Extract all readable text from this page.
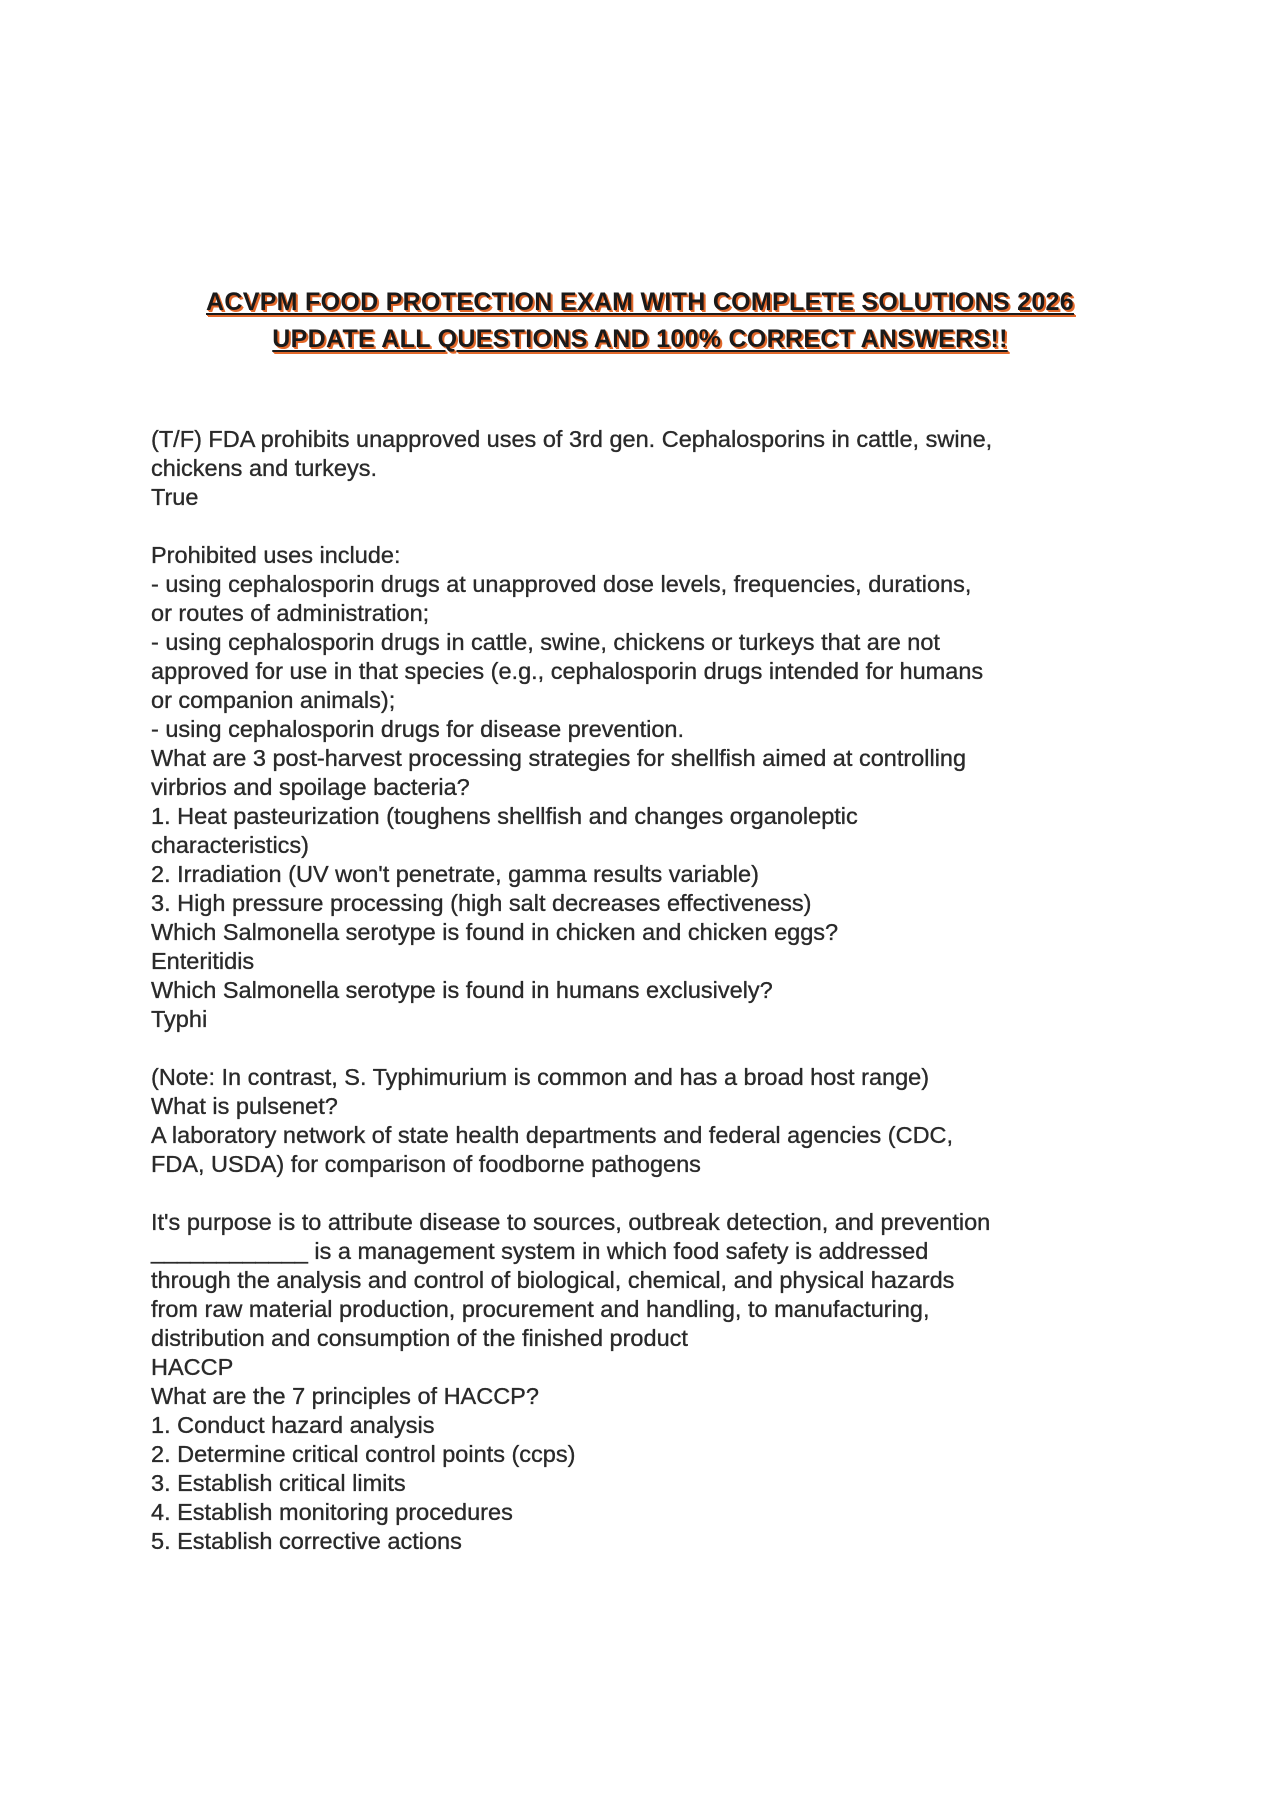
ACVPM FOOD PROTECTION EXAM WITH COMPLETE SOLUTIONS 2026
UPDATE ALL QUESTIONS AND 100% CORRECT ANSWERS!!
(T/F) FDA prohibits unapproved uses of 3rd gen. Cephalosporins in cattle, swine,
chickens and turkeys.
True
Prohibited uses include:
- using cephalosporin drugs at unapproved dose levels, frequencies, durations,
or routes of administration;
- using cephalosporin drugs in cattle, swine, chickens or turkeys that are not
approved for use in that species (e.g., cephalosporin drugs intended for humans
or companion animals);
- using cephalosporin drugs for disease prevention.
What are 3 post-harvest processing strategies for shellfish aimed at controlling
virbrios and spoilage bacteria?
1. Heat pasteurization (toughens shellfish and changes organoleptic
characteristics)
2. Irradiation (UV won't penetrate, gamma results variable)
3. High pressure processing (high salt decreases effectiveness)
Which Salmonella serotype is found in chicken and chicken eggs?
Enteritidis
Which Salmonella serotype is found in humans exclusively?
Typhi
(Note: In contrast, S. Typhimurium is common and has a broad host range)
What is pulsenet?
A laboratory network of state health departments and federal agencies (CDC,
FDA, USDA) for comparison of foodborne pathogens
It's purpose is to attribute disease to sources, outbreak detection, and prevention
____________ is a management system in which food safety is addressed
through the analysis and control of biological, chemical, and physical hazards
from raw material production, procurement and handling, to manufacturing,
distribution and consumption of the finished product
HACCP
What are the 7 principles of HACCP?
1. Conduct hazard analysis
2. Determine critical control points (ccps)
3. Establish critical limits
4. Establish monitoring procedures
5. Establish corrective actions
